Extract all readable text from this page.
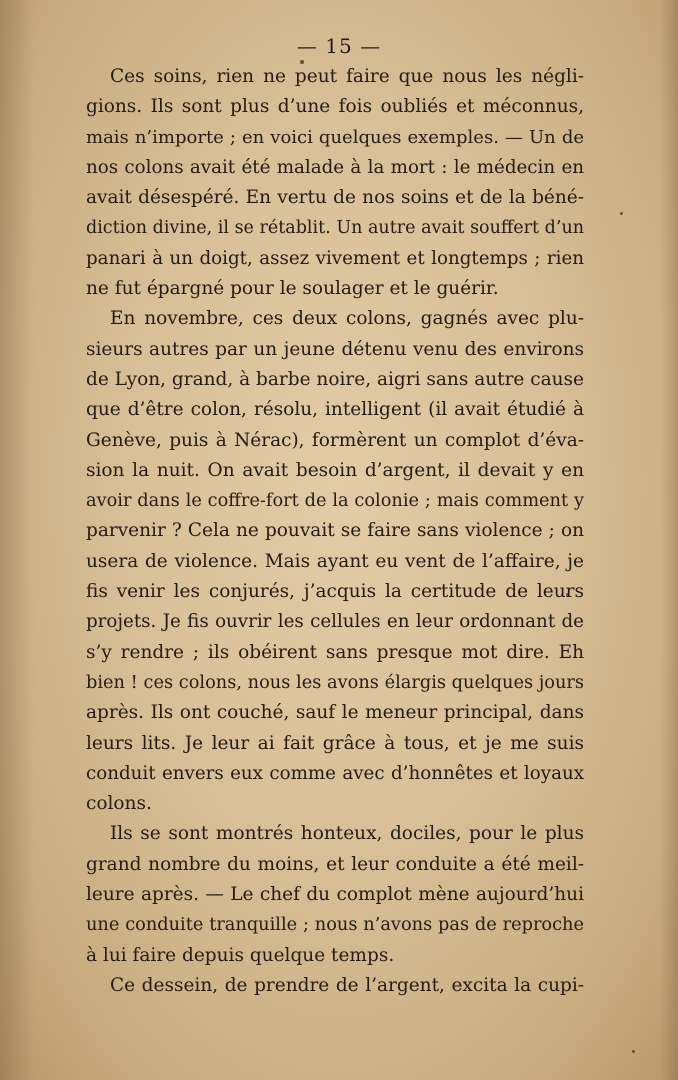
— 15 —
Ces soins, rien ne peut faire que nous les négli-
gions. Ils sont plus d’une fois oubliés et méconnus,
mais n’importe ; en voici quelques exemples. — Un de
nos colons avait été malade à la mort : le médecin en
avait désespéré. En vertu de nos soins et de la béné-
diction divine, il se rétablit. Un autre avait souffert d’un
panari à un doigt, assez vivement et longtemps ; rien
ne fut épargné pour le soulager et le guérir.
En novembre, ces deux colons, gagnés avec plu-
sieurs autres par un jeune détenu venu des environs
de Lyon, grand, à barbe noire, aigri sans autre cause
que d’être colon, résolu, intelligent (il avait étudié à
Genève, puis à Nérac), formèrent un complot d’éva-
sion la nuit. On avait besoin d’argent, il devait y en
avoir dans le coffre-fort de la colonie ; mais comment y
parvenir ? Cela ne pouvait se faire sans violence ; on
usera de violence. Mais ayant eu vent de l’affaire, je
fis venir les conjurés, j’acquis la certitude de leurs
projets. Je fis ouvrir les cellules en leur ordonnant de
s’y rendre ; ils obéirent sans presque mot dire. Eh
bien ! ces colons, nous les avons élargis quelques jours
après. Ils ont couché, sauf le meneur principal, dans
leurs lits. Je leur ai fait grâce à tous, et je me suis
conduit envers eux comme avec d’honnêtes et loyaux
colons.
Ils se sont montrés honteux, dociles, pour le plus
grand nombre du moins, et leur conduite a été meil-
leure après. — Le chef du complot mène aujourd’hui
une conduite tranquille ; nous n’avons pas de reproche
à lui faire depuis quelque temps.
Ce dessein, de prendre de l’argent, excita la cupi-
